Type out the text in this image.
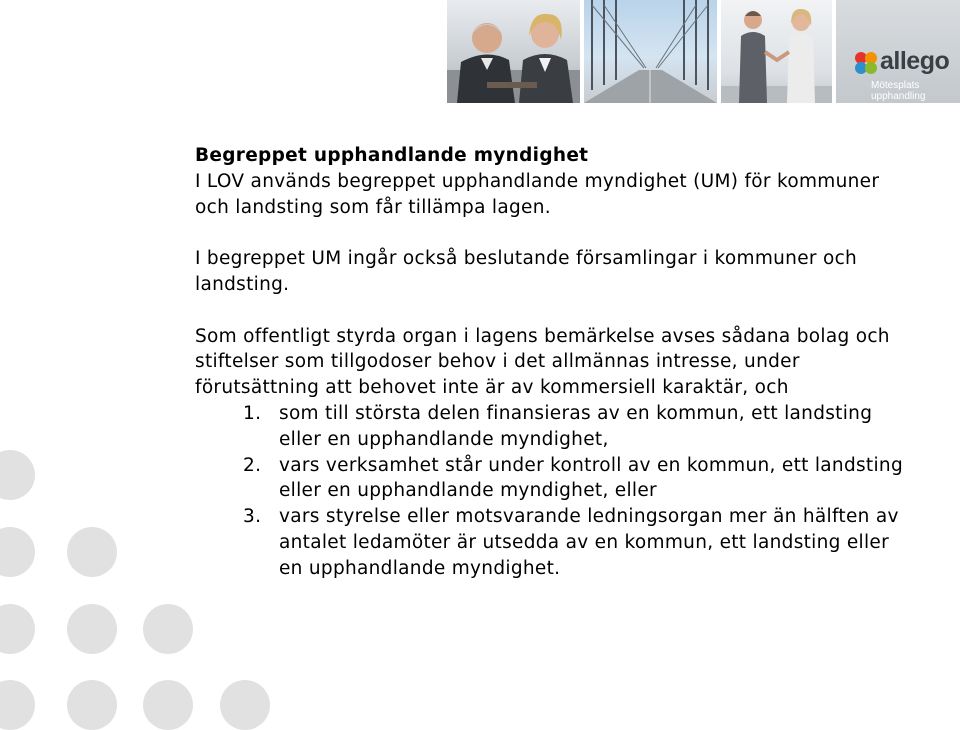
allego
Mötesplats upphandling
Begreppet upphandlande myndighet

I LOV används begreppet upphandlande myndighet (UM) för kommuner och landsting som får tillämpa lagen.

I begreppet UM ingår också beslutande församlingar i kommuner och landsting.

Som offentligt styrda organ i lagens bemärkelse avses sådana bolag och stiftelser som tillgodoser behov i det allmännas intresse, under förutsättning att behovet inte är av kommersiell karaktär, och

1. som till största delen finansieras av en kommun, ett landsting eller en upphandlande myndighet,
2. vars verksamhet står under kontroll av en kommun, ett landsting eller en upphandlande myndighet, eller
3. vars styrelse eller motsvarande ledningsorgan mer än hälften av antalet ledamöter är utsedda av en kommun, ett landsting eller en upphandlande myndighet.
